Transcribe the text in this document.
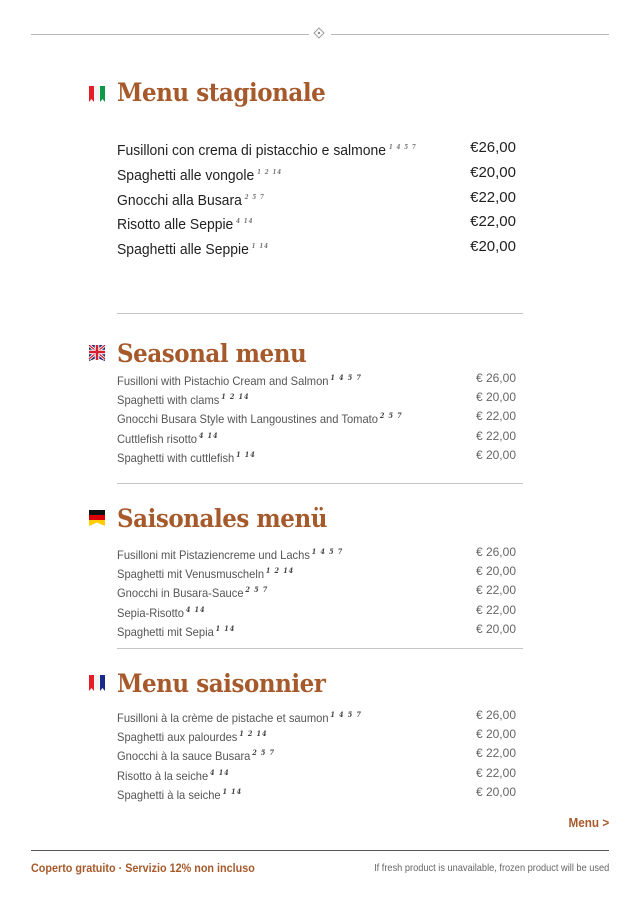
Menu stagionale
Fusilloni con crema di pistacchio e salmone $^{1 4 5 7}$	€26,00
Spaghetti alle vongole $^{1 2 14}$	€20,00
Gnocchi alla Busara $^{2 5 7}$	€22,00
Risotto alle Seppie $^{4 14}$	€22,00
Spaghetti alle Seppie $^{1 14}$	€20,00
Seasonal menu
Fusilloni with Pistachio Cream and Salmon $^{1 4 5 7}$	€ 26,00
Spaghetti with clams $^{1 2 14}$	€ 20,00
Gnocchi Busara Style with Langoustines and Tomato $^{2 5 7}$	€ 22,00
Cuttlefish risotto $^{4 14}$	€ 22,00
Spaghetti with cuttlefish $^{1 14}$	€ 20,00
Saisonales menü
Fusilloni mit Pistaziencreme und Lachs $^{1 4 5 7}$	€ 26,00
Spaghetti mit Venusmuscheln $^{1 2 14}$	€ 20,00
Gnocchi in Busara-Sauce $^{2 5 7}$	€ 22,00
Sepia-Risotto $^{4 14}$	€ 22,00
Spaghetti mit Sepia $^{1 14}$	€ 20,00
Menu saisonnier
Fusilloni à la crème de pistache et saumon $^{1 4 5 7}$	€ 26,00
Spaghetti aux palourdes $^{1 2 14}$	€ 20,00
Gnocchi à la sauce Busara $^{2 5 7}$	€ 22,00
Risotto à la seiche $^{4 14}$	€ 22,00
Spaghetti à la seiche $^{1 14}$	€ 20,00
Menu >
Coperto gratuito · Servizio 12% non incluso	If fresh product is unavailable, frozen product will be used
